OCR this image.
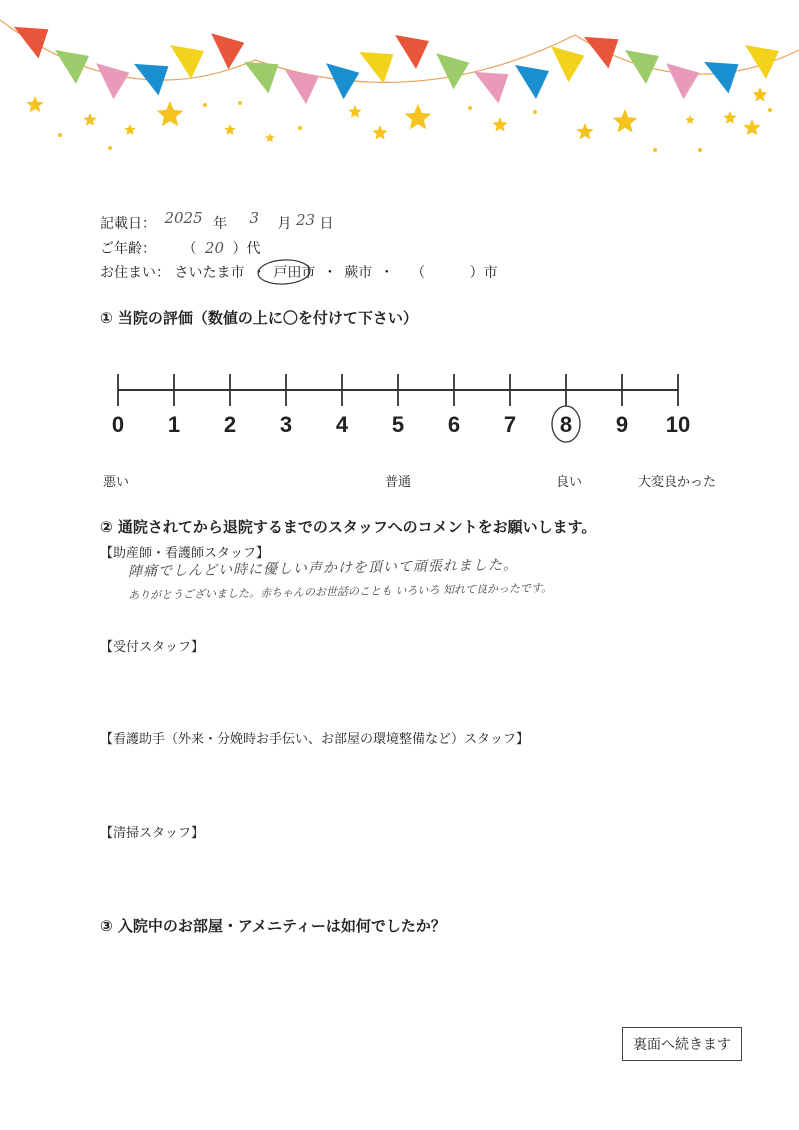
記載日： 2025 年 3 月 23 日
ご年齢： （ 20 ）代
お住まい： さいたま市 ・ 戸田市 ・ 蕨市 ・ （	）市
① 当院の評価（数値の上に〇を付けて下さい）
0 1 2 3 4 5 6 7 8 9 10
悪い	普通	良い	大変良かった
② 通院されてから退院するまでのスタッフへのコメントをお願いします。
【助産師・看護師スタッフ】
陣痛でしんどい時に優しい声かけを頂いて頑張れました。
ありがとうございました。赤ちゃんのお世話のことも いろいろ 知れて良かったです。
【受付スタッフ】
【看護助手（外来・分娩時お手伝い、お部屋の環境整備など）スタッフ】
【清掃スタッフ】
③ 入院中のお部屋・アメニティーは如何でしたか？
裏面へ続きます
